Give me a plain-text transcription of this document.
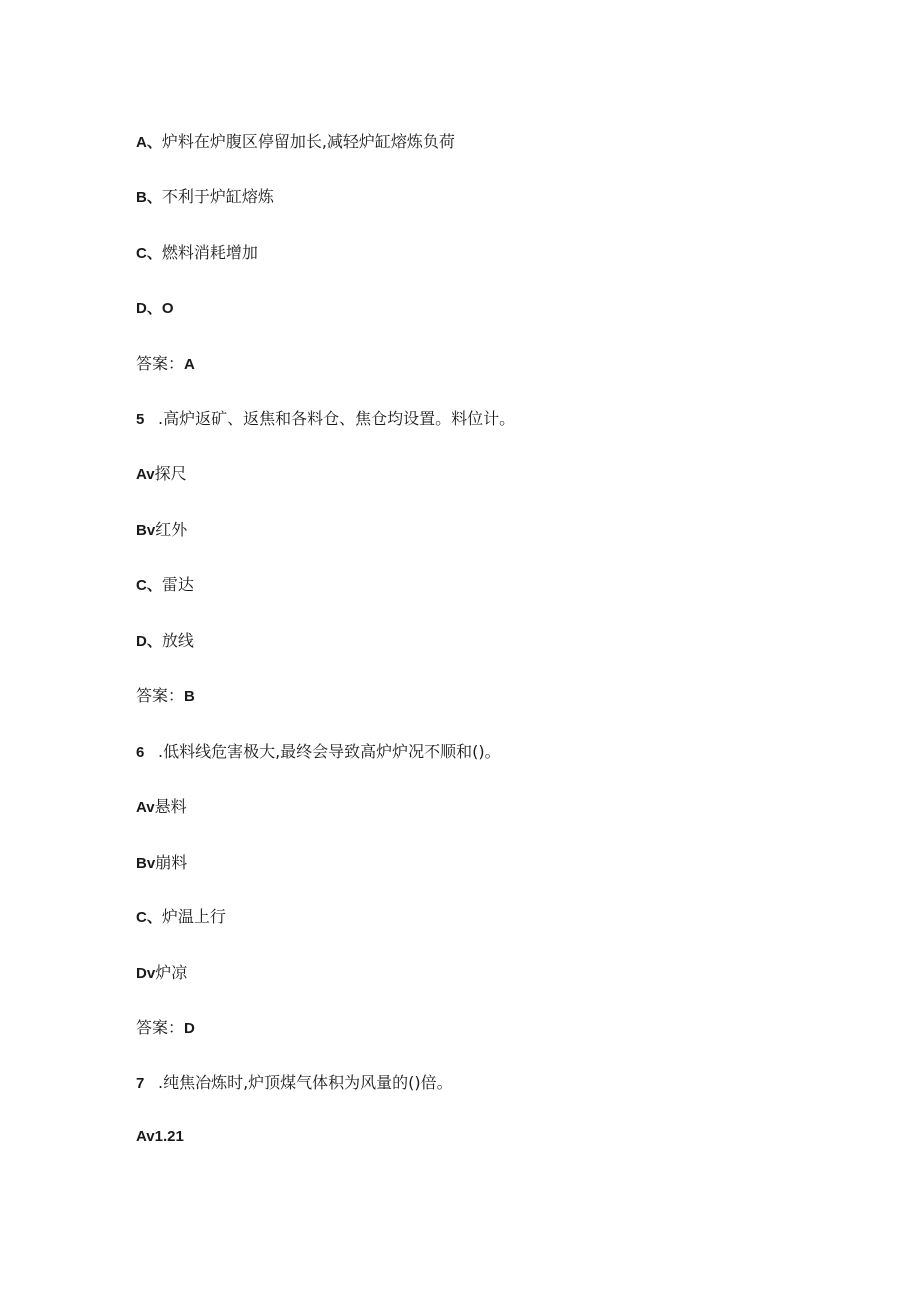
A、炉料在炉腹区停留加长,减轻炉缸熔炼负荷
B、不利于炉缸熔炼
C、燃料消耗增加
D、O
答案：A
5 .高炉返矿、返焦和各料仓、焦仓均设置。料位计。
Av探尺
Bv红外
C、雷达
D、放线
答案：B
6 .低料线危害极大,最终会导致高炉炉况不顺和()。
Av悬料
Bv崩料
C、炉温上行
Dv炉凉
答案：D
7 .纯焦冶炼时,炉顶煤气体积为风量的()倍。
Av1.21
